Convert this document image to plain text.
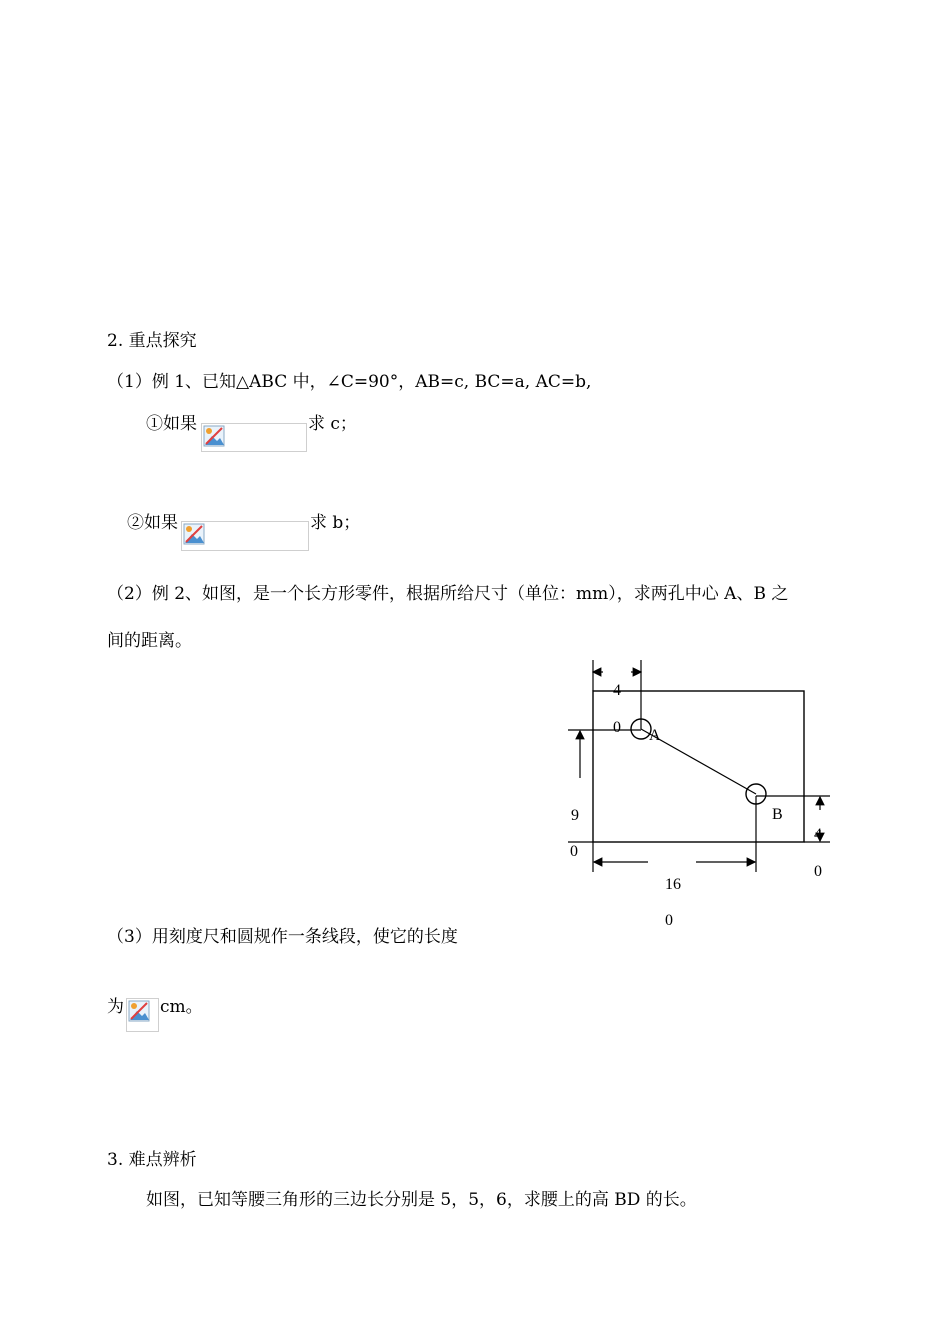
2. 重点探究
（1）例 1、已知△ABC 中，∠C=90°，AB=c, BC=a, AC=b,
①如果	求 c；
②如果	求 b；
（2）例 2、如图，是一个长方形零件，根据所给尺寸（单位：mm），求两孔中心 A、B 之
间的距离。
4
0 A
B
9
0
4
0
16
0
（3）用刻度尺和圆规作一条线段，使它的长度
为 cm。
3. 难点辨析
如图，已知等腰三角形的三边长分别是 5，5，6，求腰上的高 BD 的长。
